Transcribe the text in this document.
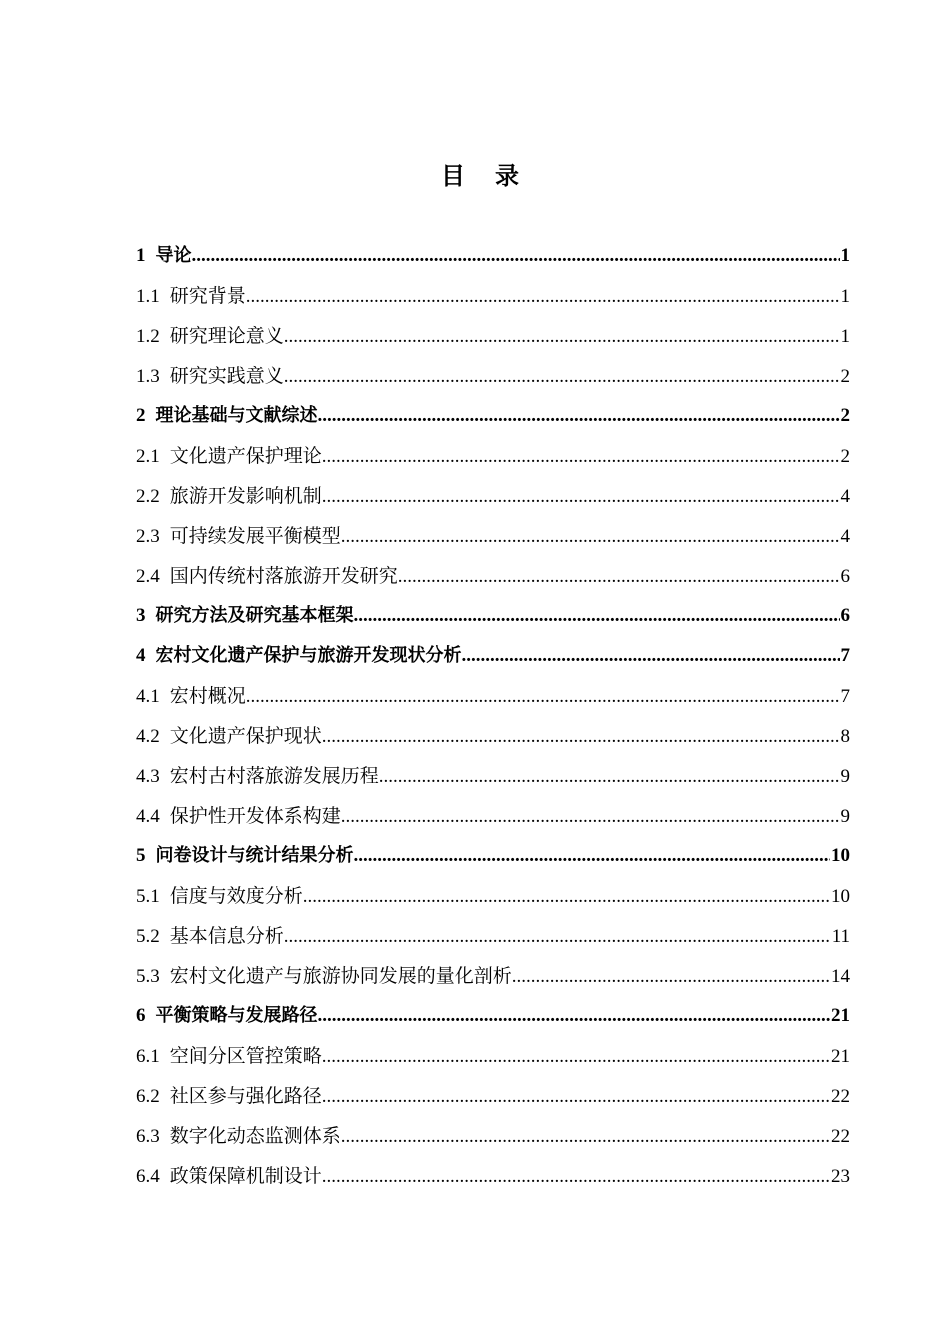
目录
1 导论 .....	1
1.1 研究背景 .....	1
1.2 研究理论意义 .....	1
1.3 研究实践意义 .....	2
2 理论基础与文献综述 .....	2
2.1 文化遗产保护理论 .....	2
2.2 旅游开发影响机制 .....	4
2.3 可持续发展平衡模型 .....	4
2.4 国内传统村落旅游开发研究 .....	6
3 研究方法及研究基本框架 .....	6
4 宏村文化遗产保护与旅游开发现状分析 .....	7
4.1 宏村概况 .....	7
4.2 文化遗产保护现状 .....	8
4.3 宏村古村落旅游发展历程 .....	9
4.4 保护性开发体系构建 .....	9
5 问卷设计与统计结果分析 .....	10
5.1 信度与效度分析 .....	10
5.2 基本信息分析 .....	11
5.3 宏村文化遗产与旅游协同发展的量化剖析 .....	14
6 平衡策略与发展路径 .....	21
6.1 空间分区管控策略 .....	21
6.2 社区参与强化路径 .....	22
6.3 数字化动态监测体系 .....	22
6.4 政策保障机制设计 .....	23
